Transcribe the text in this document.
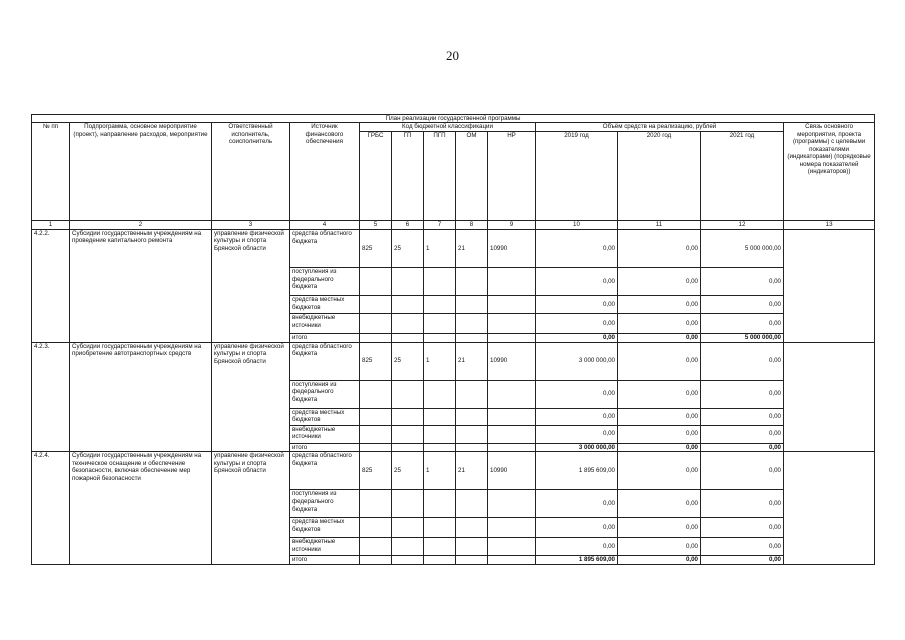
20
План реализации государственной программы												
№ пп	Подпрограмма, основное мероприятие (проект), направление расходов, мероприятие	Ответственный исполнитель, соисполнитель	Источник финансового обеспечения	Код бюджетной классификации					Объём средств на реализацию, рублей			Связь основного мероприятия, проекта (программы) с целевыми показателями (индикаторами) (порядковые номера показателей (индикаторов))
				ГРБС	ГП	ПГП	ОМ	НР	2019 год	2020 год	2021 год	
1	2	3	4	5	6	7	8	9	10	11	12	13
4.2.2.	Субсидии государственным учреждениям на проведение капитального ремонта	управление физической культуры и спорта Брянской области	средства областного бюджета	825	25	1	21	10990	0,00	0,00	5 000 000,00	
			поступления из федерального бюджета						0,00	0,00	0,00	
			средства местных бюджетов						0,00	0,00	0,00	
			внебюджетные источники						0,00	0,00	0,00	
			итого						0,00	0,00	5 000 000,00	
4.2.3.	Субсидии государственным учреждениям на приобретение автотранспортных средств	управление физической культуры и спорта Брянской области	средства областного бюджета	825	25	1	21	10990	3 000 000,00	0,00	0,00	
			поступления из федерального бюджета						0,00	0,00	0,00	
			средства местных бюджетов						0,00	0,00	0,00	
			внебюджетные источники						0,00	0,00	0,00	
			итого						3 000 000,00	0,00	0,00	
4.2.4.	Субсидии государственным учреждениям на техническое оснащение и обеспечение безопасности, включая обеспечение мер пожарной безопасности	управление физической культуры и спорта Брянской области	средства областного бюджета	825	25	1	21	10990	1 895 609,00	0,00	0,00	
			поступления из федерального бюджета						0,00	0,00	0,00	
			средства местных бюджетов						0,00	0,00	0,00	
			внебюджетные источники						0,00	0,00	0,00	
			итого						1 895 609,00	0,00	0,00	
